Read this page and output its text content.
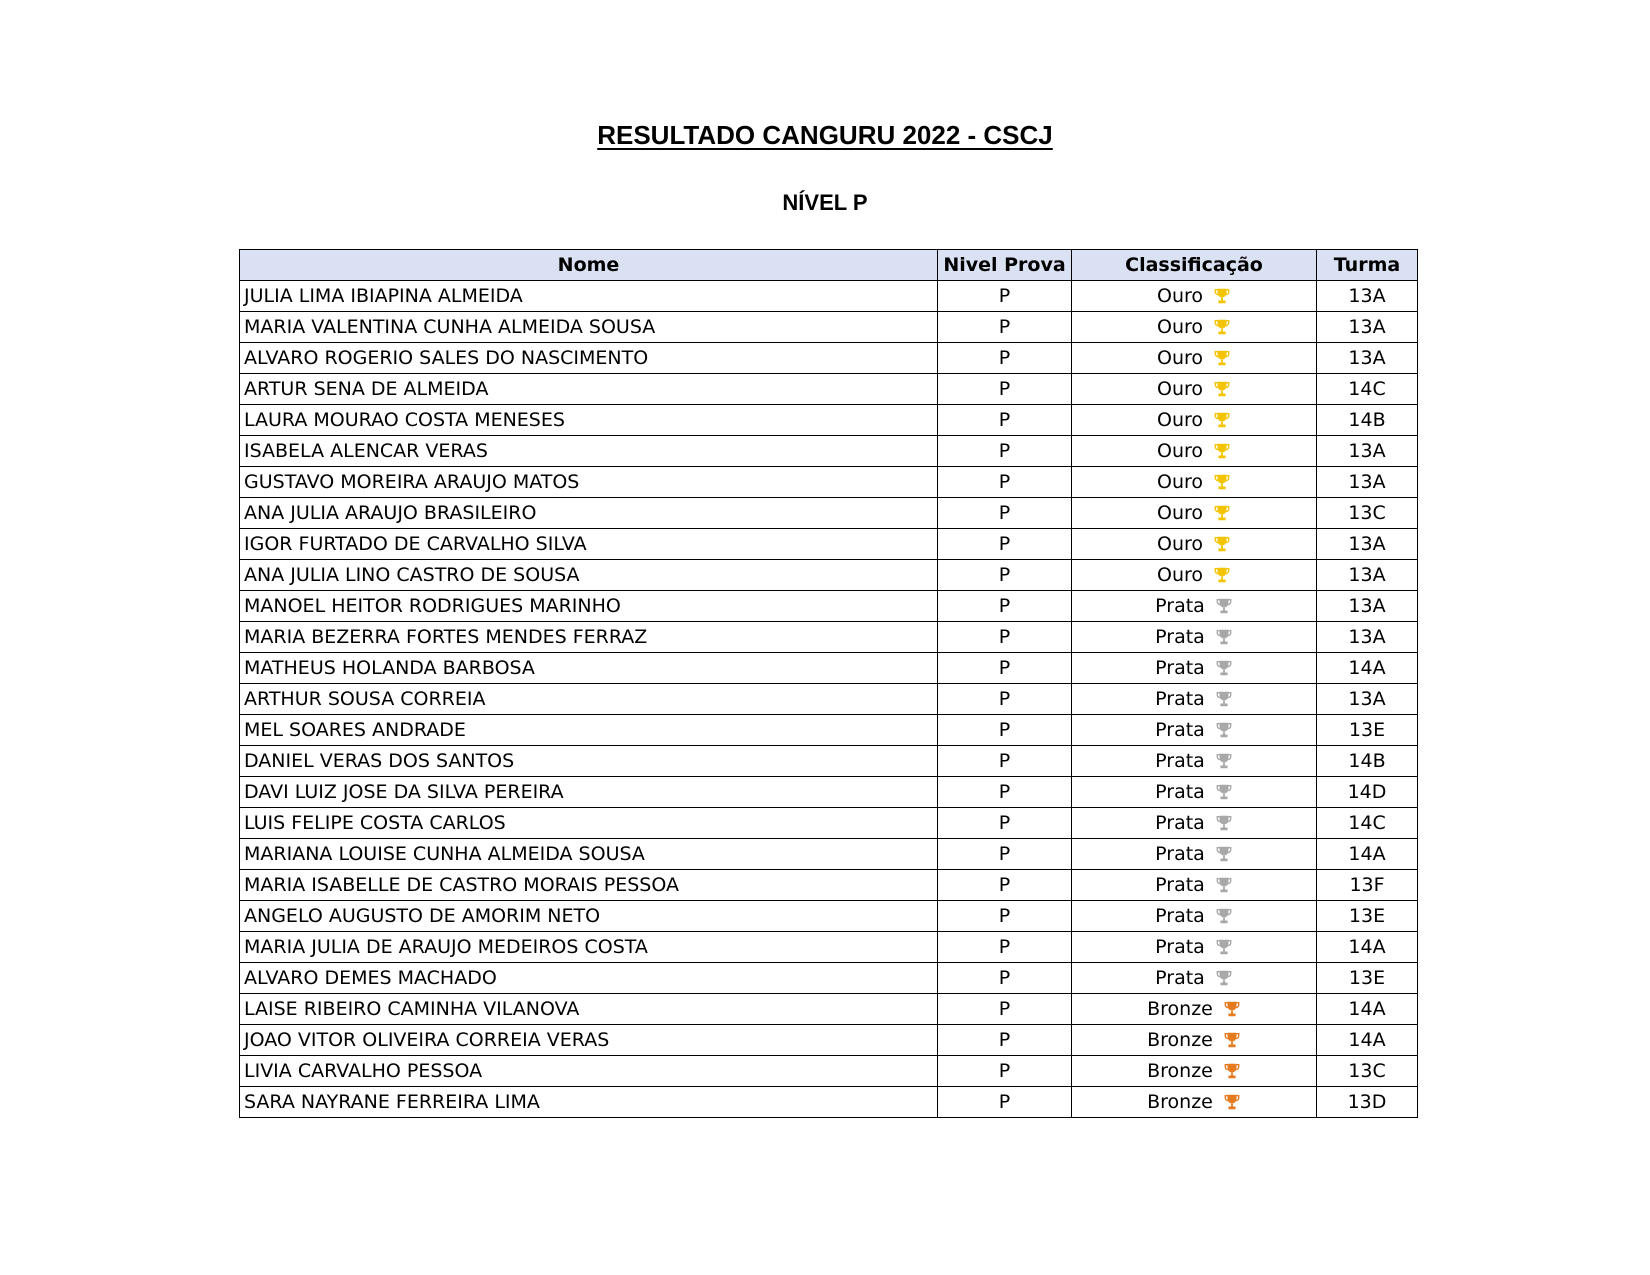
RESULTADO CANGURU 2022 - CSCJ
NÍVEL P
Nome	Nivel Prova	Classificação	Turma
JULIA LIMA IBIAPINA ALMEIDA	P	Ouro	13A
MARIA VALENTINA CUNHA ALMEIDA SOUSA	P	Ouro	13A
ALVARO ROGERIO SALES DO NASCIMENTO	P	Ouro	13A
ARTUR SENA DE ALMEIDA	P	Ouro	14C
LAURA MOURAO COSTA MENESES	P	Ouro	14B
ISABELA ALENCAR VERAS	P	Ouro	13A
GUSTAVO MOREIRA ARAUJO MATOS	P	Ouro	13A
ANA JULIA ARAUJO BRASILEIRO	P	Ouro	13C
IGOR FURTADO DE CARVALHO SILVA	P	Ouro	13A
ANA JULIA LINO CASTRO DE SOUSA	P	Ouro	13A
MANOEL HEITOR RODRIGUES MARINHO	P	Prata	13A
MARIA BEZERRA FORTES MENDES FERRAZ	P	Prata	13A
MATHEUS HOLANDA BARBOSA	P	Prata	14A
ARTHUR SOUSA CORREIA	P	Prata	13A
MEL SOARES ANDRADE	P	Prata	13E
DANIEL VERAS DOS SANTOS	P	Prata	14B
DAVI LUIZ JOSE DA SILVA PEREIRA	P	Prata	14D
LUIS FELIPE COSTA CARLOS	P	Prata	14C
MARIANA LOUISE CUNHA ALMEIDA SOUSA	P	Prata	14A
MARIA ISABELLE DE CASTRO MORAIS PESSOA	P	Prata	13F
ANGELO AUGUSTO DE AMORIM NETO	P	Prata	13E
MARIA JULIA DE ARAUJO MEDEIROS COSTA	P	Prata	14A
ALVARO DEMES MACHADO	P	Prata	13E
LAISE RIBEIRO CAMINHA VILANOVA	P	Bronze	14A
JOAO VITOR OLIVEIRA CORREIA VERAS	P	Bronze	14A
LIVIA CARVALHO PESSOA	P	Bronze	13C
SARA NAYRANE FERREIRA LIMA	P	Bronze	13D
